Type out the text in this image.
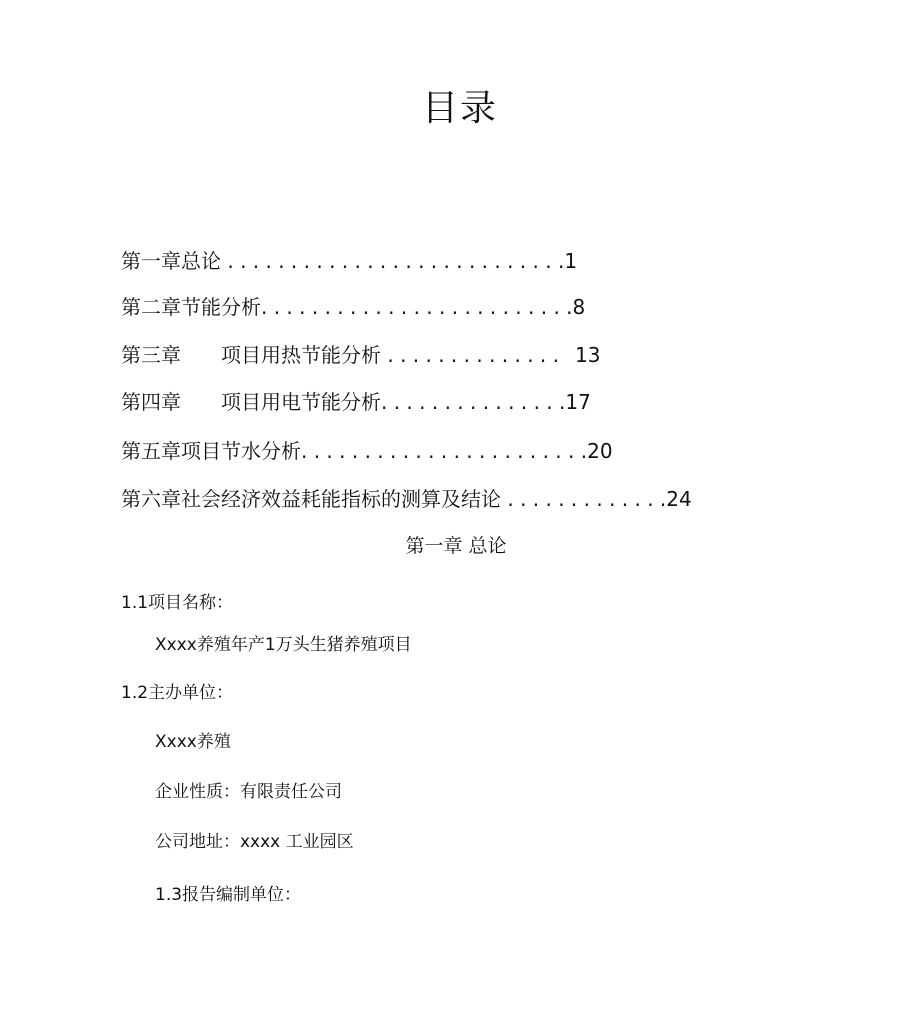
目录
第一章总论 . . . . . . . . . . . . . . . . . . . . . . . . . . .1
第二章节能分析. . . . . . . . . . . . . . . . . . . . . . . . .8
第三章 项目用热节能分析 . . . . . . . . . . . . . . 13
第四章 项目用电节能分析. . . . . . . . . . . . . . .17
第五章项目节水分析. . . . . . . . . . . . . . . . . . . . . . .20
第六章社会经济效益耗能指标的测算及结论 . . . . . . . . . . . . .24
第一章 总论
1.1项目名称：
Xxxx养殖年产1万头生猪养殖项目
1.2主办单位：
Xxxx养殖
企业性质：有限责任公司
公司地址：xxxx 工业园区
1.3报告编制单位：
